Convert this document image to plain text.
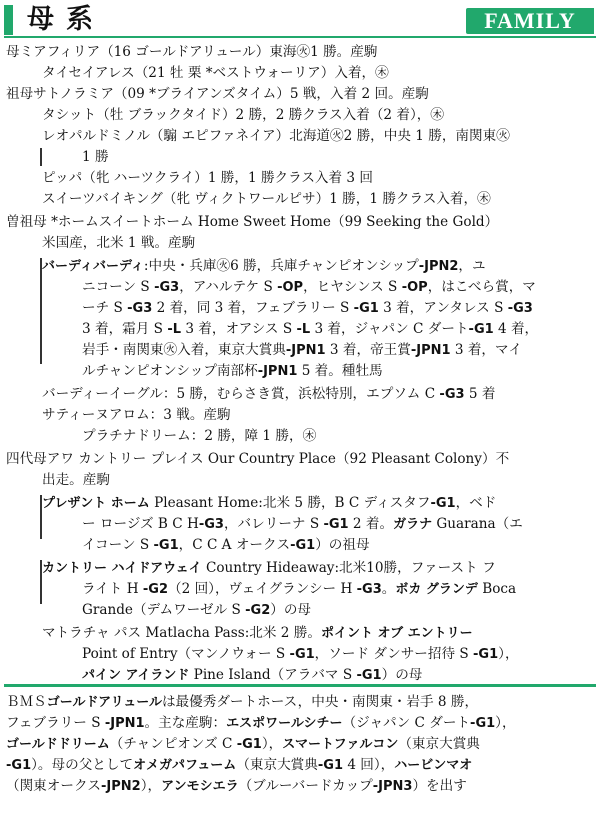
母系	FAMILY
母ミアフィリア（16 ゴールドアリュール）東海㊋1 勝。産駒
タイセイアレス（21 牡 栗 *ベストウォーリア）入着，㊍
祖母サトノラミア（09 *ブライアンズタイム）5 戦，入着 2 回。産駒
タシット（牡 ブラックタイド）2 勝，2 勝クラス入着（2 着），㊍
レオパルドミノル（騸 エピファネイア）北海道㊋2 勝，中央 1 勝，南関東㊋
1 勝
ピッパ（牝 ハーツクライ）1 勝，1 勝クラス入着 3 回
スイーツバイキング（牝 ヴィクトワールピサ）1 勝，1 勝クラス入着，㊍
曽祖母 *ホームスイートホーム Home Sweet Home（99 Seeking the Gold）
米国産，北米 1 戦。産駒
バーディバーディ:中央・兵庫㊋6 勝，兵庫チャンピオンシップ-JPN2，ユ
ニコーン S -G3，アハルテケ S -OP，ヒヤシンス S -OP，はこべら賞，マ
ーチ S -G3 2 着，同 3 着，フェブラリー S -G1 3 着，アンタレス S -G3
3 着，霜月 S -L 3 着，オアシス S -L 3 着，ジャパン C ダート-G1 4 着，
岩手・南関東㊋入着，東京大賞典-JPN1 3 着，帝王賞-JPN1 3 着，マイ
ルチャンピオンシップ南部杯-JPN1 5 着。種牡馬
バーディーイーグル：5 勝，むらさき賞，浜松特別，エプソム C -G3 5 着
サティーヌアロム：3 戦。産駒
プラチナドリーム：2 勝，障 1 勝，㊍
四代母アワ カントリー プレイス Our Country Place（92 Pleasant Colony）不
出走。産駒
プレザント ホーム Pleasant Home:北米 5 勝，B C ディスタフ-G1，ベド
ー ロージズ B C H-G3，バレリーナ S -G1 2 着。ガラナ Guarana（エ
イコーン S -G1，C C A オークス-G1）の祖母
カントリー ハイドアウェイ Country Hideaway:北米10勝，ファースト フ
ライト H -G2（2 回），ヴェイグランシー H -G3。ボカ グランデ Boca
Grande（デムワーゼル S -G2）の母
マトラチャ パス Matlacha Pass:北米 2 勝。ポイント オブ エントリー
Point of Entry（マンノウォー S -G1，ソード ダンサー招待 S -G1），
パイン アイランド Pine Island（アラバマ S -G1）の母
ＢＭＳゴールドアリュールは最優秀ダートホース，中央・南関東・岩手 8 勝，
フェブラリー S -JPN1。主な産駒：エスポワールシチー（ジャパン C ダート-G1），
ゴールドドリーム（チャンピオンズ C -G1），スマートファルコン（東京大賞典
-G1）。母の父としてオメガパフューム（東京大賞典-G1 4 回），ハービンマオ
（関東オークス-JPN2），アンモシエラ（ブルーバードカップ-JPN3）を出す
